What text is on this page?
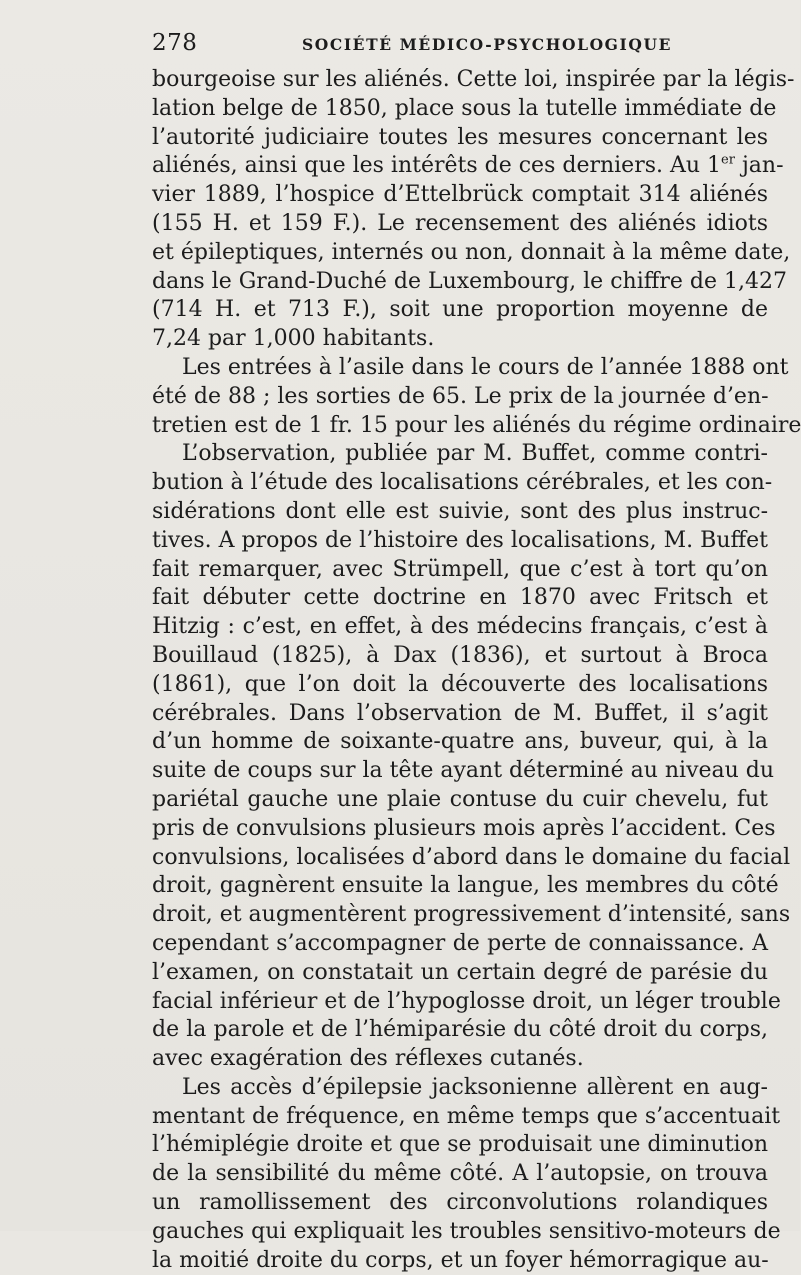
278	SOCIÉTÉ MÉDICO-PSYCHOLOGIQUE
bourgeoise sur les aliénés. Cette loi, inspirée par la légis-
lation belge de 1850, place sous la tutelle immédiate de
l’autorité judiciaire toutes les mesures concernant les
aliénés, ainsi que les intérêts de ces derniers. Au 1er jan-
vier 1889, l’hospice d’Ettelbrück comptait 314 aliénés
(155 H. et 159 F.). Le recensement des aliénés idiots
et épileptiques, internés ou non, donnait à la même date,
dans le Grand-Duché de Luxembourg, le chiffre de 1,427
(714 H. et 713 F.), soit une proportion moyenne de
7,24 par 1,000 habitants.
Les entrées à l’asile dans le cours de l’année 1888 ont
été de 88 ; les sorties de 65. Le prix de la journée d’en-
tretien est de 1 fr. 15 pour les aliénés du régime ordinaire
L’observation, publiée par M. Buffet, comme contri-
bution à l’étude des localisations cérébrales, et les con-
sidérations dont elle est suivie, sont des plus instruc-
tives. A propos de l’histoire des localisations, M. Buffet
fait remarquer, avec Strümpell, que c’est à tort qu’on
fait débuter cette doctrine en 1870 avec Fritsch et
Hitzig : c’est, en effet, à des médecins français, c’est à
Bouillaud (1825), à Dax (1836), et surtout à Broca
(1861), que l’on doit la découverte des localisations
cérébrales. Dans l’observation de M. Buffet, il s’agit
d’un homme de soixante-quatre ans, buveur, qui, à la
suite de coups sur la tête ayant déterminé au niveau du
pariétal gauche une plaie contuse du cuir chevelu, fut
pris de convulsions plusieurs mois après l’accident. Ces
convulsions, localisées d’abord dans le domaine du facial
droit, gagnèrent ensuite la langue, les membres du côté
droit, et augmentèrent progressivement d’intensité, sans
cependant s’accompagner de perte de connaissance. A
l’examen, on constatait un certain degré de parésie du
facial inférieur et de l’hypoglosse droit, un léger trouble
de la parole et de l’hémiparésie du côté droit du corps,
avec exagération des réflexes cutanés.
Les accès d’épilepsie jacksonienne allèrent en aug-
mentant de fréquence, en même temps que s’accentuait
l’hémiplégie droite et que se produisait une diminution
de la sensibilité du même côté. A l’autopsie, on trouva
un ramollissement des circonvolutions rolandiques
gauches qui expliquait les troubles sensitivo-moteurs de
la moitié droite du corps, et un foyer hémorragique au-
